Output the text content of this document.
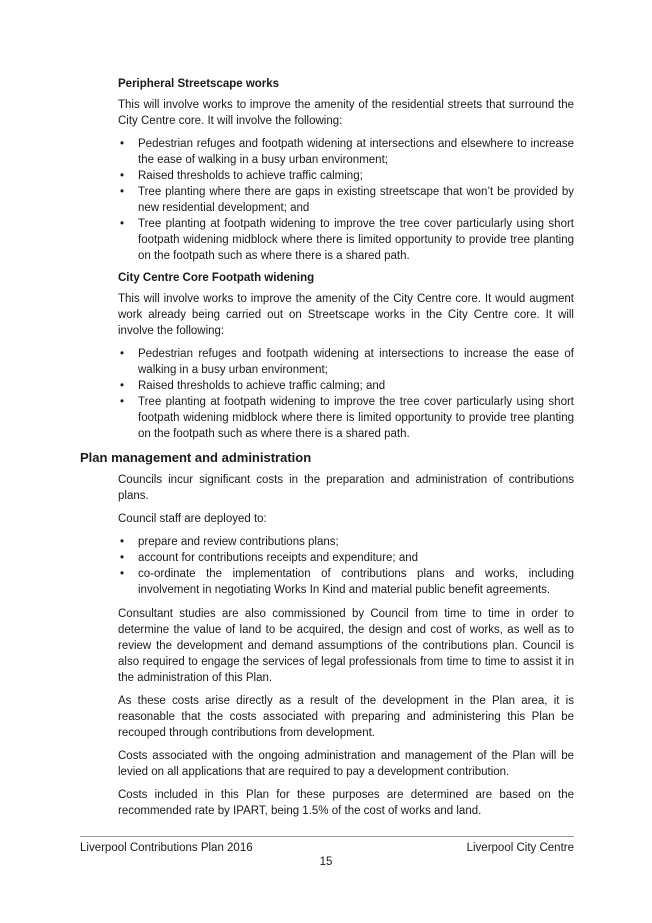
Peripheral Streetscape works

This will involve works to improve the amenity of the residential streets that surround the City Centre core. It will involve the following:

• Pedestrian refuges and footpath widening at intersections and elsewhere to increase the ease of walking in a busy urban environment;
• Raised thresholds to achieve traffic calming;
• Tree planting where there are gaps in existing streetscape that won’t be provided by new residential development; and
• Tree planting at footpath widening to improve the tree cover particularly using short footpath widening midblock where there is limited opportunity to provide tree planting on the footpath such as where there is a shared path.
City Centre Core Footpath widening

This will involve works to improve the amenity of the City Centre core. It would augment work already being carried out on Streetscape works in the City Centre core. It will involve the following:

• Pedestrian refuges and footpath widening at intersections to increase the ease of walking in a busy urban environment;
• Raised thresholds to achieve traffic calming; and
• Tree planting at footpath widening to improve the tree cover particularly using short footpath widening midblock where there is limited opportunity to provide tree planting on the footpath such as where there is a shared path.
Plan management and administration

Councils incur significant costs in the preparation and administration of contributions plans.

Council staff are deployed to:

• prepare and review contributions plans;
• account for contributions receipts and expenditure; and
• co-ordinate the implementation of contributions plans and works, including involvement in negotiating Works In Kind and material public benefit agreements.

Consultant studies are also commissioned by Council from time to time in order to determine the value of land to be acquired, the design and cost of works, as well as to review the development and demand assumptions of the contributions plan. Council is also required to engage the services of legal professionals from time to time to assist it in the administration of this Plan.

As these costs arise directly as a result of the development in the Plan area, it is reasonable that the costs associated with preparing and administering this Plan be recouped through contributions from development.

Costs associated with the ongoing administration and management of the Plan will be levied on all applications that are required to pay a development contribution.

Costs included in this Plan for these purposes are determined are based on the recommended rate by IPART, being 1.5% of the cost of works and land.

Liverpool Contributions Plan 2016	Liverpool City Centre
15
